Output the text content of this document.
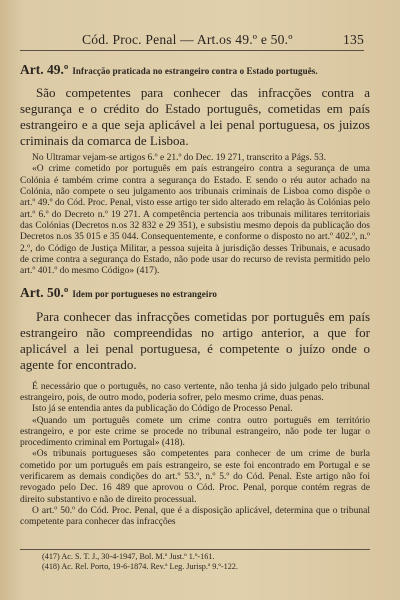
Cód. Proc. Penal — Art.os 49.º e 50.º	135

Art. 49.º Infracção praticada no estrangeiro contra o Estado português.

São competentes para conhecer das infracções contra a segurança e o crédito do Estado português, cometidas em país estrangeiro e a que seja aplicável a lei penal portuguesa, os juizos criminais da comarca de Lisboa.

No Ultramar vejam-se artigos 6.º e 21.º do Dec. 19 271, transcrito a Págs. 53.

«O crime cometido por português em país estrangeiro contra a segurança de uma Colónia é também crime contra a segurança do Estado. E sendo o réu autor achado na Colónia, não compete o seu julgamento aos tribunais criminais de Lisboa como dispõe o art.º 49.º do Cód. Proc. Penal, visto esse artigo ter sido alterado em relação às Colónias pelo art.º 6.º do Decreto n.º 19 271. A competência pertencia aos tribunais militares territoriais das Colónias (Decretos n.os 32 832 e 29 351), e subsistiu mesmo depois da publicação dos Decretos n.os 35 015 e 35 044. Consequentemente, e conforme o disposto no art.º 402.º, n.º 2.º, do Código de Justiça Militar, a pessoa sujeita à jurisdição desses Tribunais, e acusado de crime contra a segurança do Estado, não pode usar do recurso de revista permitido pelo art.º 401.º do mesmo Código» (417).

Art. 50.º Idem por portugueses no estrangeiro

Para conhecer das infracções cometidas por português em país estrangeiro não compreendidas no artigo anterior, a que for aplicável a lei penal portuguesa, é competente o juízo onde o agente for encontrado.

É necessário que o português, no caso vertente, não tenha já sido julgado pelo tribunal estrangeiro, pois, de outro modo, poderia sofrer, pelo mesmo crime, duas penas.

Isto já se entendia antes da publicação do Código de Processo Penal.

«Quando um português comete um crime contra outro português em território estrangeiro, e por este crime se procede no tribunal estrangeiro, não pode ter lugar o procedimento criminal em Portugal» (418).

«Os tribunais portugueses são competentes para conhecer de um crime de burla cometido por um português em país estrangeiro, se este foi encontrado em Portugal e se verificarem as demais condições do art.º 53.º, n.º 5.º do Cód. Penal. Este artigo não foi revogado pelo Dec. 16 489 que aprovou o Cód. Proc. Penal, porque contém regras de direito substantivo e não de direito processual.

O art.º 50.º do Cód. Proc. Penal, que é a disposição aplicável, determina que o tribunal competente para conhecer das infracções

(417) Ac. S. T. J., 30-4-1947, Bol. M.º Just.º 1.º-161.

(418) Ac. Rel. Porto, 19-6-1874. Rev.ª Leg. Jurisp.ª 9.º-122.
